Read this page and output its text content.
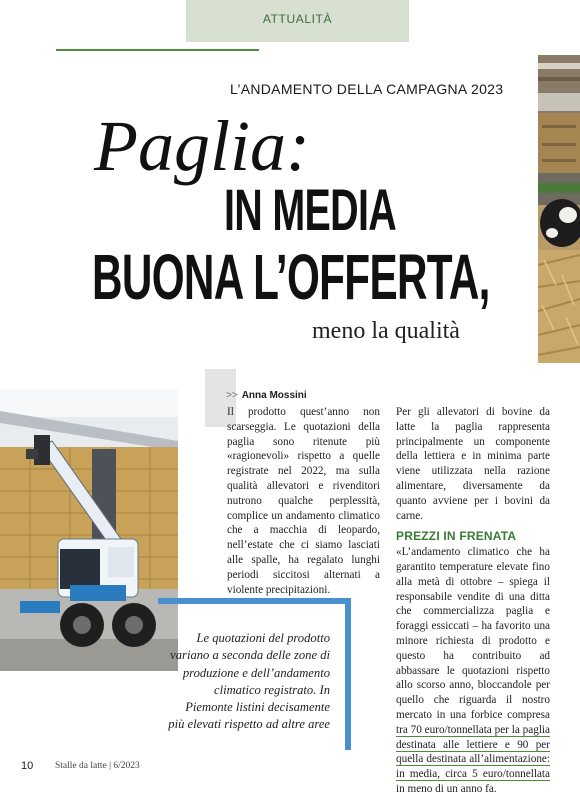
ATTUALITÀ
L’ANDAMENTO DELLA CAMPAGNA 2023
Paglia:
IN MEDIA
BUONA L’OFFERTA,
meno la qualità
>> Anna Mossini

Il prodotto quest’anno non scarseggia. Le quotazioni della paglia sono ritenute più «ragionevoli» rispetto a quelle registrate nel 2022, ma sulla qualità allevatori e rivenditori nutrono qualche perplessità, complice un andamento climatico che a macchia di leopardo, nell’estate che ci siamo lasciati alle spalle, ha regalato lunghi periodi siccitosi alternati a violente precipitazioni.

Per gli allevatori di bovine da latte la paglia rappresenta principalmente un componente della lettiera e in minima parte viene utilizzata nella razione alimentare, diversamente da quanto avviene per i bovini da carne.

PREZZI IN FRENATA

«L’andamento climatico che ha garantito temperature elevate fino alla metà di ottobre – spiega il responsabile vendite di una ditta che commercializza paglia e foraggi essiccati – ha favorito una minore richiesta di prodotto e questo ha contribuito ad abbassare le quotazioni rispetto allo scorso anno, bloccandole per quello che riguarda il nostro mercato in una forbice compresa tra 70 euro/tonnellata per la paglia destinata alle lettiere e 90 per quella destinata all’alimentazione: in media, circa 5 euro/tonnellata in meno di un anno fa.

Le quotazioni del prodotto variano a seconda delle zone di produzione e dell’andamento climatico registrato. In Piemonte listini decisamente più elevati rispetto ad altre aree
10 Stalle da latte | 6/2023
